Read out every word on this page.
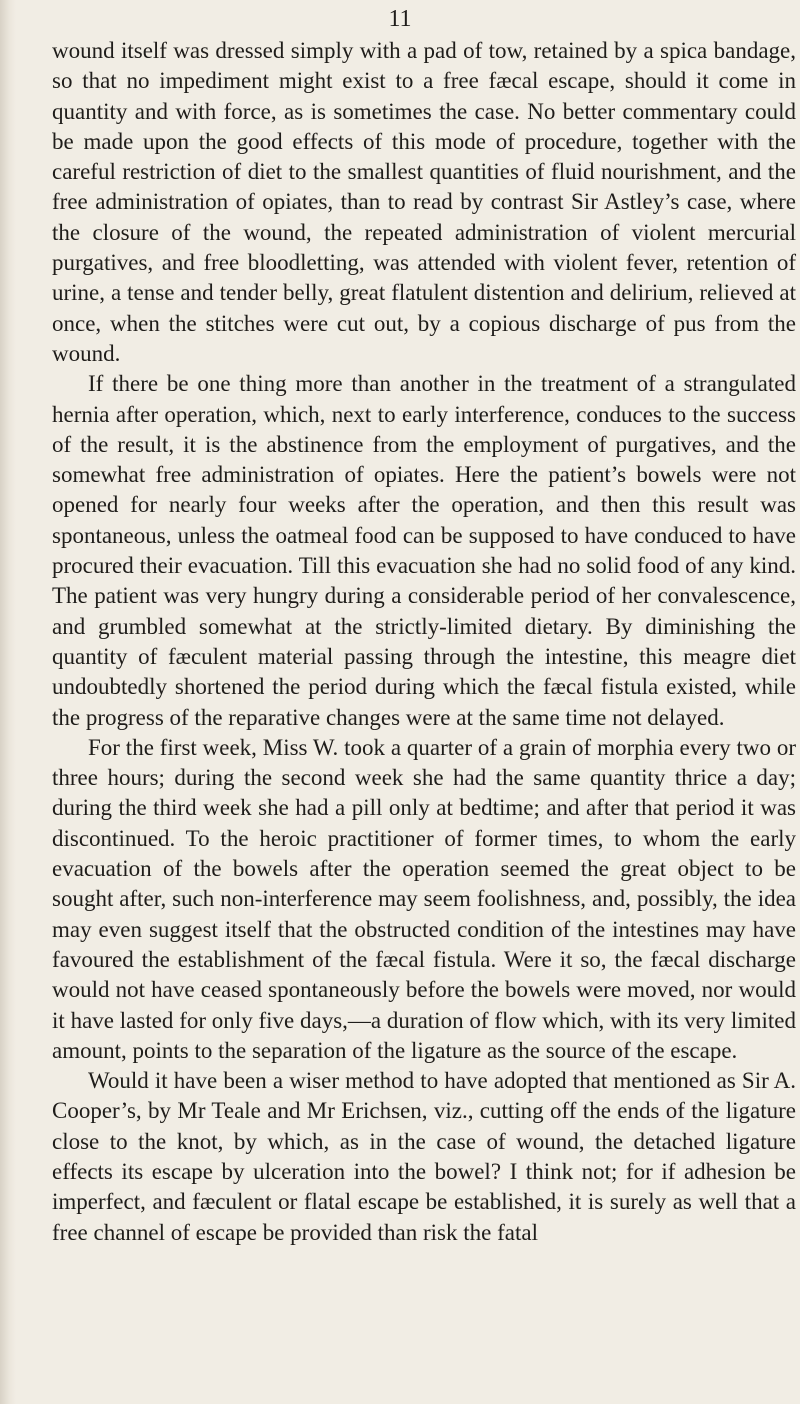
11

wound itself was dressed simply with a pad of tow, retained by a spica bandage, so that no impediment might exist to a free fæcal escape, should it come in quantity and with force, as is sometimes the case. No better commentary could be made upon the good effects of this mode of procedure, together with the careful restriction of diet to the smallest quantities of fluid nourishment, and the free administration of opiates, than to read by contrast Sir Astley’s case, where the closure of the wound, the repeated administration of violent mercurial purgatives, and free bloodletting, was attended with violent fever, retention of urine, a tense and tender belly, great flatulent distention and delirium, relieved at once, when the stitches were cut out, by a copious discharge of pus from the wound.

If there be one thing more than another in the treatment of a strangulated hernia after operation, which, next to early interference, conduces to the success of the result, it is the abstinence from the employment of purgatives, and the somewhat free administration of opiates. Here the patient’s bowels were not opened for nearly four weeks after the operation, and then this result was spontaneous, unless the oatmeal food can be supposed to have conduced to have procured their evacuation. Till this evacuation she had no solid food of any kind. The patient was very hungry during a considerable period of her convalescence, and grumbled somewhat at the strictly-limited dietary. By diminishing the quantity of fæculent material passing through the intestine, this meagre diet undoubtedly shortened the period during which the fæcal fistula existed, while the progress of the reparative changes were at the same time not delayed.

For the first week, Miss W. took a quarter of a grain of morphia every two or three hours; during the second week she had the same quantity thrice a day; during the third week she had a pill only at bedtime; and after that period it was discontinued. To the heroic practitioner of former times, to whom the early evacuation of the bowels after the operation seemed the great object to be sought after, such non-interference may seem foolishness, and, possibly, the idea may even suggest itself that the obstructed condition of the intestines may have favoured the establishment of the fæcal fistula. Were it so, the fæcal discharge would not have ceased spontaneously before the bowels were moved, nor would it have lasted for only five days,—a duration of flow which, with its very limited amount, points to the separation of the ligature as the source of the escape.

Would it have been a wiser method to have adopted that mentioned as Sir A. Cooper’s, by Mr Teale and Mr Erichsen, viz., cutting off the ends of the ligature close to the knot, by which, as in the case of wound, the detached ligature effects its escape by ulceration into the bowel? I think not; for if adhesion be imperfect, and fæculent or flatal escape be established, it is surely as well that a free channel of escape be provided than risk the fatal
